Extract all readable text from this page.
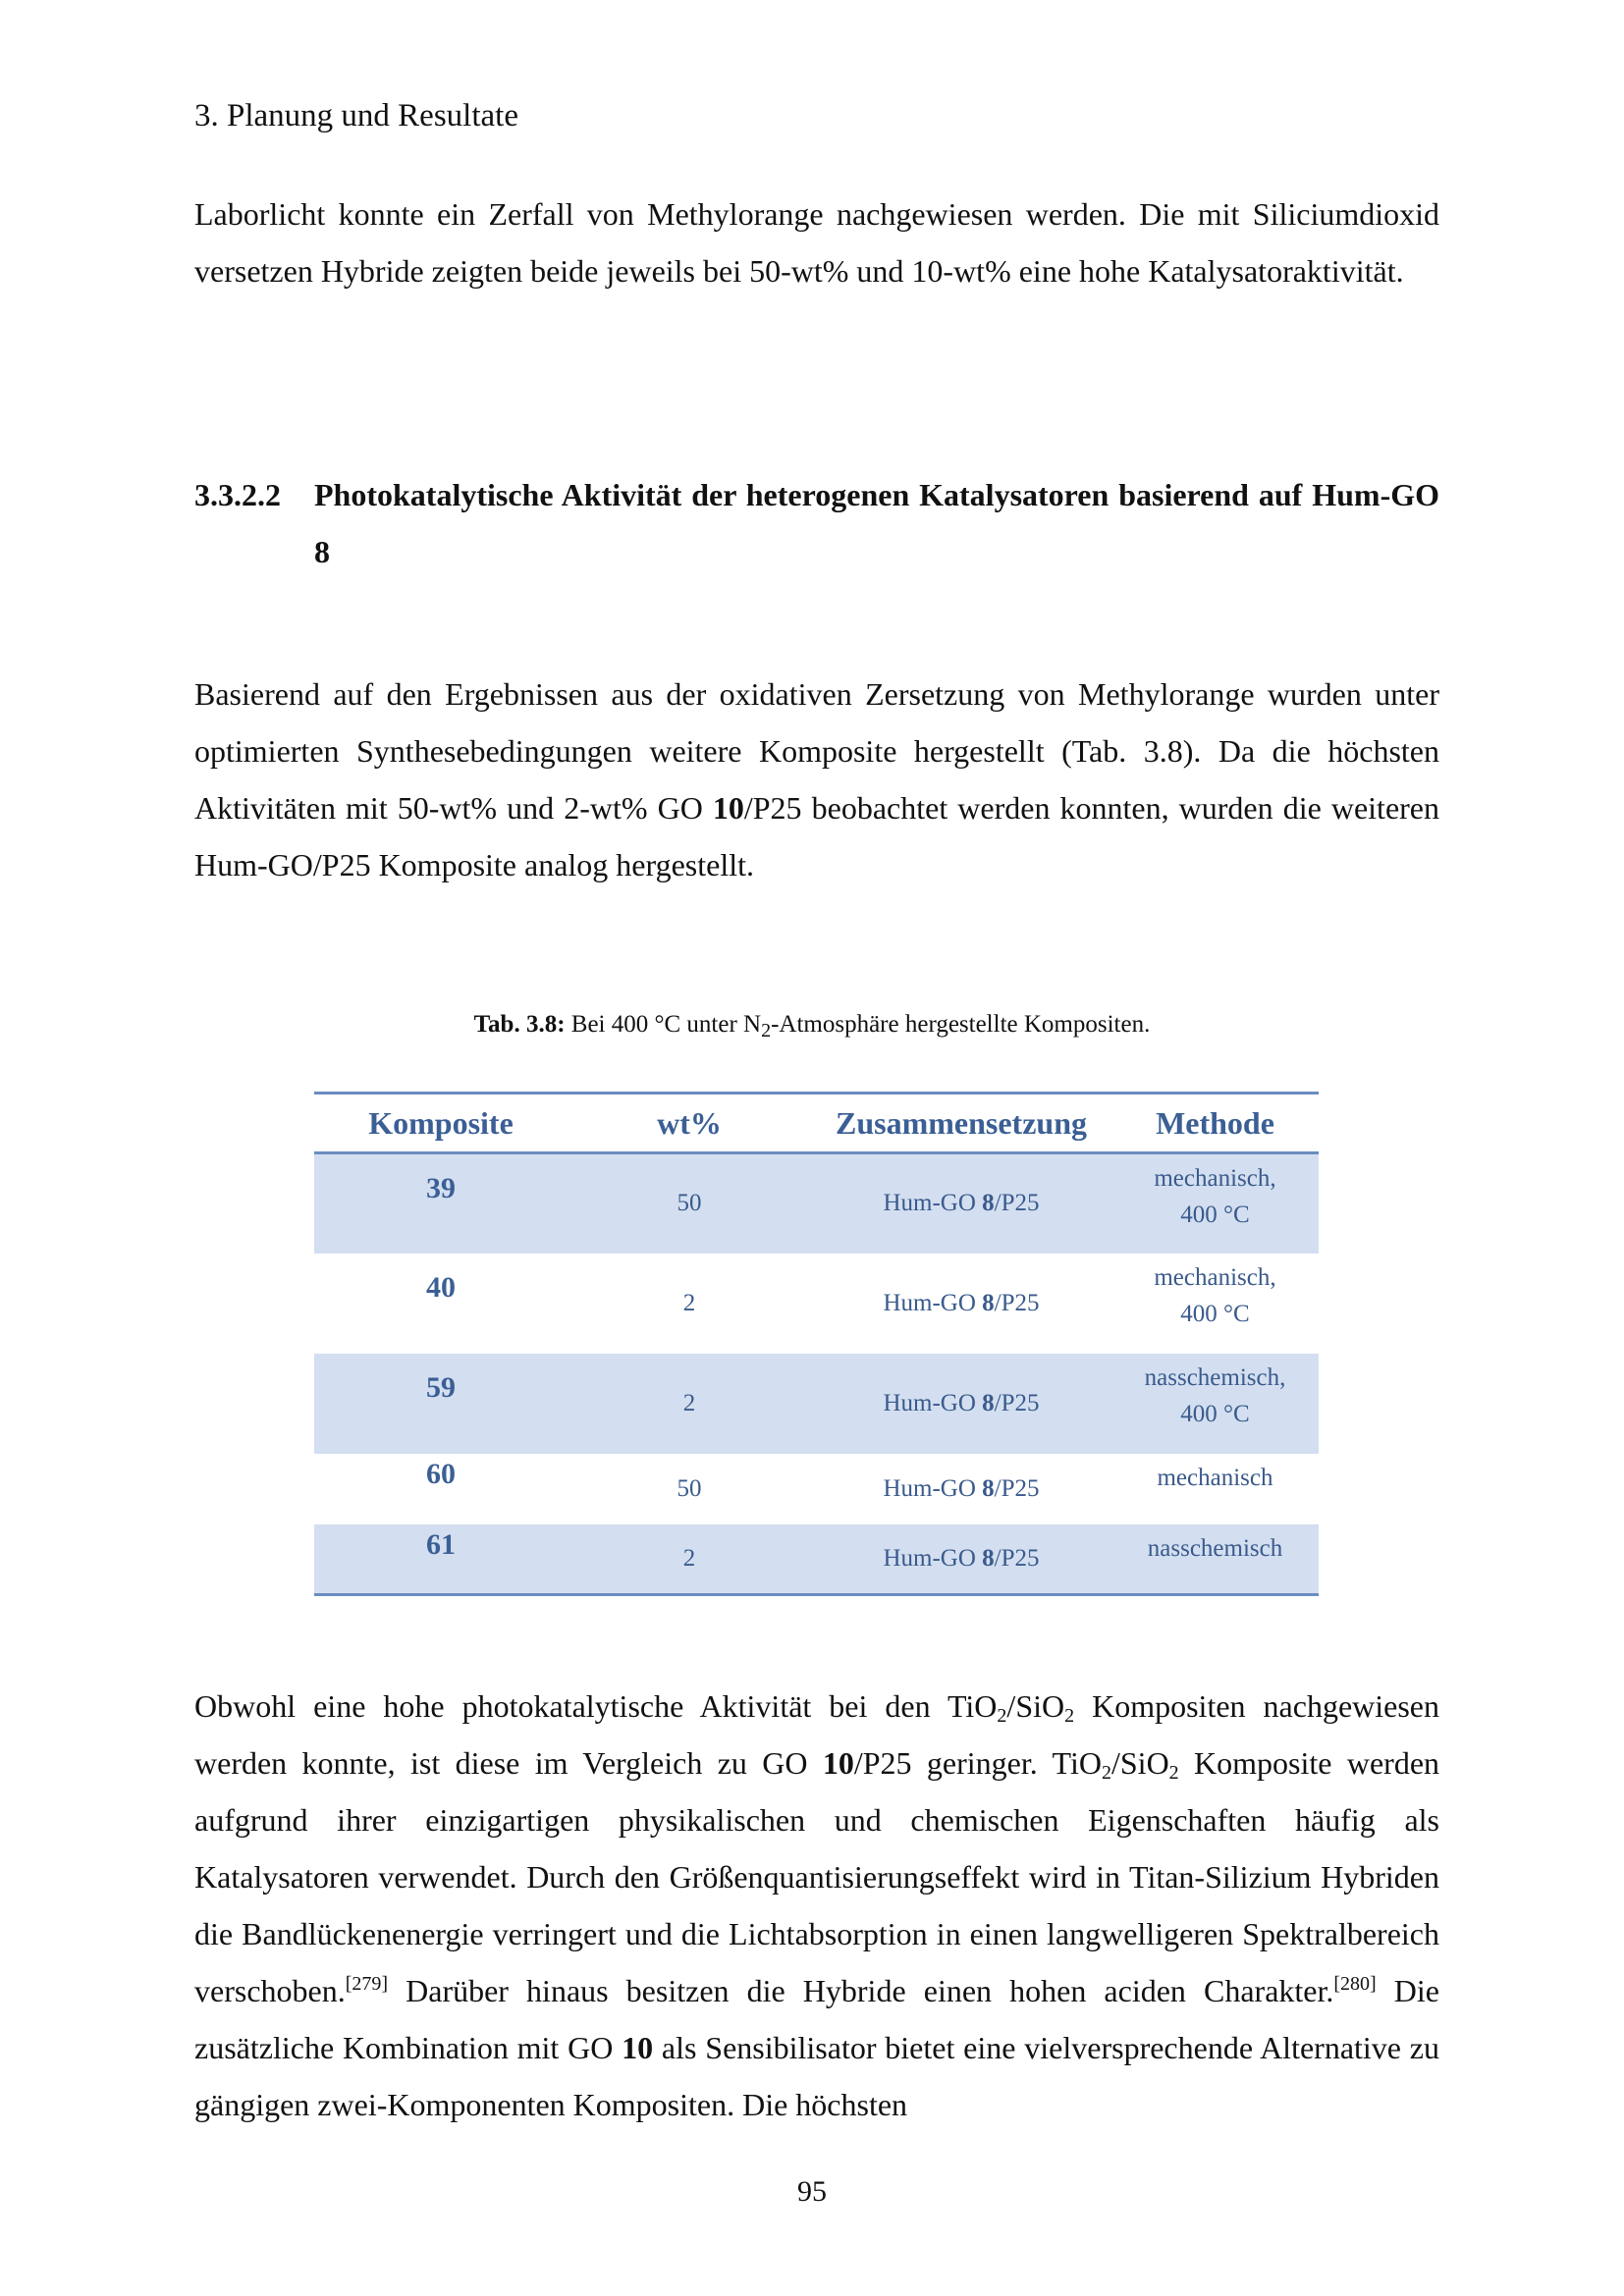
3. Planung und Resultate

Laborlicht konnte ein Zerfall von Methylorange nachgewiesen werden. Die mit Siliciumdioxid versetzen Hybride zeigten beide jeweils bei 50-wt% und 10-wt% eine hohe Katalysatoraktivität.

3.3.2.2	Photokatalytische Aktivität der heterogenen Katalysatoren basierend auf Hum-GO 8

Basierend auf den Ergebnissen aus der oxidativen Zersetzung von Methylorange wurden unter optimierten Synthesebedingungen weitere Komposite hergestellt (Tab. 3.8). Da die höchsten Aktivitäten mit 50-wt% und 2-wt% GO 10/P25 beobachtet werden konnten, wurden die weiteren Hum-GO/P25 Komposite analog hergestellt.

Tab. 3.8: Bei 400 °C unter $N_2$-Atmosphäre hergestellte Kompositen.
Komposite	wt%	Zusammensetzung	Methode
39	50	Hum-GO 8/P25	mechanisch,
400 °C
40	2	Hum-GO 8/P25	mechanisch,
400 °C
59	2	Hum-GO 8/P25	nasschemisch,
400 °C
60	50	Hum-GO 8/P25	mechanisch
61	2	Hum-GO 8/P25	nasschemisch

Obwohl eine hohe photokatalytische Aktivität bei den TiO$_2$/SiO$_2$ Kompositen nachgewiesen werden konnte, ist diese im Vergleich zu GO 10/P25 geringer. TiO$_2$/SiO$_2$ Komposite werden aufgrund ihrer einzigartigen physikalischen und chemischen Eigenschaften häufig als Katalysatoren verwendet. Durch den Größenquantisierungseffekt wird in Titan-Silizium Hybriden die Bandlückenenergie verringert und die Lichtabsorption in einen langwelligeren Spektralbereich verschoben.[279] Darüber hinaus besitzen die Hybride einen hohen aciden Charakter.[280] Die zusätzliche Kombination mit GO 10 als Sensibilisator bietet eine vielversprechende Alternative zu gängigen zwei-Komponenten Kompositen. Die höchsten

95
